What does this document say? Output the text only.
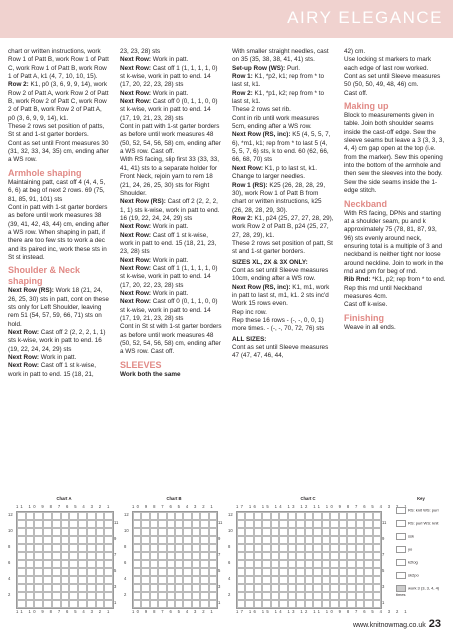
AIRY ELEGANCE

chart or written instructions, work Row 1 of Patt B, work Row 1 of Patt C, work Row 1 of Patt B, work Row 1 of Patt A, k1 (4, 7, 10, 10, 15).

Row 2: K1, p0 (3, 6, 9, 9, 14), work Row 2 of Patt A, work Row 2 of Patt B, work Row 2 of Patt C, work Row 2 of Patt B, work Row 2 of Patt A, p0 (3, 6, 9, 9, 14), k1.

These 2 rows set position of patts, St st and 1-st garter borders.

Cont as set until Front measures 30 (31, 32, 33, 34, 35) cm, ending after a WS row.

Armhole shaping

Maintaining patt, cast off 4 (4, 4, 5, 6, 6) at beg of next 2 rows. 69 (75, 81, 85, 91, 101) sts

Cont in patt with 1-st garter borders as before until work measures 38 (39, 41, 42, 43, 44) cm, ending after a WS row. When shaping in patt, if there are too few sts to work a dec and its paired inc, work these sts in St st instead.

Shoulder & Neck shaping

Next Row (RS): Work 18 (21, 24, 26, 25, 30) sts in patt, cont on these sts only for Left Shoulder, leaving rem 51 (54, 57, 59, 66, 71) sts on hold.

Next Row: Cast off 2 (2, 2, 2, 1, 1) sts k-wise, work in patt to end. 16 (19, 22, 24, 24, 29) sts

Next Row: Work in patt.

Next Row: Cast off 1 st k-wise, work in patt to end. 15 (18, 21,

23, 23, 28) sts

Next Row: Work in patt.

Next Row: Cast off 1 (1, 1, 1, 1, 0) st k-wise, work in patt to end. 14 (17, 20, 22, 23, 28) sts

Next Row: Work in patt.

Next Row: Cast off 0 (0, 1, 1, 0, 0) st k-wise, work in patt to end. 14 (17, 19, 21, 23, 28) sts

Cont in patt with 1-st garter borders as before until work measures 48 (50, 52, 54, 56, 58) cm, ending after a WS row. Cast off.

With RS facing, slip first 33 (33, 33, 41, 41) sts to a separate holder for Front Neck, rejoin yarn to rem 18 (21, 24, 26, 25, 30) sts for Right Shoulder.

Next Row (RS): Cast off 2 (2, 2, 2, 1, 1) sts k-wise, work in patt to end. 16 (19, 22, 24, 24, 29) sts

Next Row: Work in patt.

Next Row: Cast off 1 st k-wise, work in patt to end. 15 (18, 21, 23, 23, 28) sts

Next Row: Work in patt.

Next Row: Cast off 1 (1, 1, 1, 1, 0) st k-wise, work in patt to end. 14 (17, 20, 22, 23, 28) sts

Next Row: Work in patt.

Next Row: Cast off 0 (0, 1, 1, 0, 0) st k-wise, work in patt to end. 14 (17, 19, 21, 23, 28) sts

Cont in St st with 1-st garter borders as before until work measures 48 (50, 52, 54, 56, 58) cm, ending after a WS row. Cast off.

SLEEVES

Work both the same

With smaller straight needles, cast on 35 (35, 38, 38, 41, 41) sts.

Set-up Row (WS): Purl.

Row 1: K1, *p2, k1; rep from * to last st, k1.

Row 2: K1, *p1, k2; rep from * to last st, k1.

These 2 rows set rib.

Cont in rib until work measures 5cm, ending after a WS row.

Next Row (RS, inc): K5 (4, 5, 5, 7, 6), *m1, k1; rep from * to last 5 (4, 5, 5, 7, 6) sts, k to end. 60 (62, 66, 66, 68, 70) sts

Next Row: K1, p to last st, k1.

Change to larger needles.

Row 1 (RS): K25 (26, 28, 28, 29, 30), work Row 1 of Patt B from chart or written instructions, k25 (26, 28, 28, 29, 30).

Row 2: K1, p24 (25, 27, 27, 28, 29), work Row 2 of Patt B, p24 (25, 27, 27, 28, 29), k1.

These 2 rows set position of patt, St st and 1-st garter borders.

SIZES XL, 2X & 3X ONLY:

Cont as set until Sleeve measures 10cm, ending after a WS row.

Next Row (RS, inc): K1, m1, work in patt to last st, m1, k1. 2 sts inc'd

Work 15 rows even.

Rep inc row.

Rep these 16 rows - (-, -, 0, 0, 1) more times. - (-, -, 70, 72, 76) sts

ALL SIZES:

Cont as set until Sleeve measures 47 (47, 47, 46, 44,

42) cm.

Use locking st markers to mark each edge of last row worked.

Cont as set until Sleeve measures 50 (50, 50, 49, 48, 46) cm.

Cast off.

Making up

Block to measurements given in table. Join both shoulder seams inside the cast-off edge. Sew the sleeve seams but leave a 3 (3, 3, 3, 4, 4) cm gap open at the top (i.e. from the marker). Sew this opening into the bottom of the armhole and then sew the sleeves into the body. Sew the side seams inside the 1-edge stitch.

Neckband

With RS facing, DPNs and starting at a shoulder seam, pu and k approximately 75 (78, 81, 87, 93, 96) sts evenly around neck, ensuring total is a multiple of 3 and neckband is neither tight nor loose around neckline. Join to work in the rnd and pm for beg of rnd.

Rib Rnd: *K1, p2; rep from * to end.

Rep this rnd until Neckband measures 4cm.

Cast off k-wise.

Finishing

Weave in all ends.

Chart A
11 10 9 8 7 6 5 4 3 2 1
12
10
8
6
4
2
11
9
7
5
3
1
11 10 9 8 7 6 5 4 3 2 1
Chart B
10 9 8 7 6 5 4 3 2 1
12
10
8
6
4
2
11
9
7
5
3
1
10 9 8 7 6 5 4 3 2 1
Chart C
17 16 15 14 13 12 11 10 9 8 7 6 5 4 3 2 1
12
10
8
6
4
2
11
9
7
5
3
1
17 16 15 14 13 12 11 10 9 8 7 6 5 4 3 2 1
Key
RS: knit WS: purl
RS: purl WS: knit
ssk
yo
k2tog
sk2po
work 3 (3, 3, 4, 4) times
www.knitnowmag.co.uk 23
